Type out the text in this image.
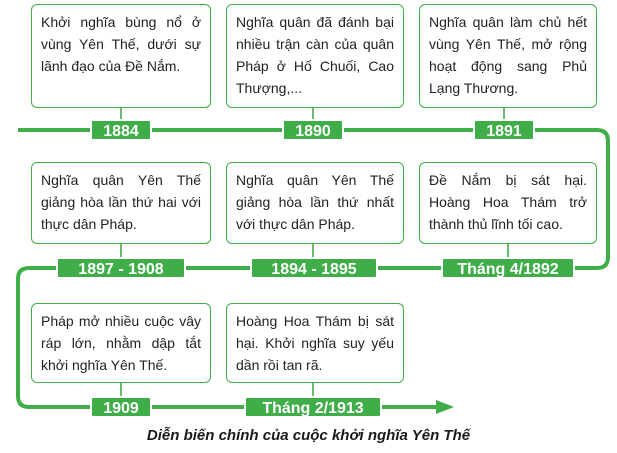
Khởi nghĩa bùng nổ ở vùng Yên Thế, dưới sự lãnh đạo của Đề Nắm.
1884
Nghĩa quân đã đánh bại nhiều trận càn của quân Pháp ở Hố Chuối, Cao Thượng,...
1890
Nghĩa quân làm chủ hết vùng Yên Thế, mở rộng hoạt động sang Phủ Lạng Thương.
1891
Nghĩa quân Yên Thế giảng hòa lần thứ hai với thực dân Pháp.
1897 - 1908
Nghĩa quân Yên Thế giảng hòa lần thứ nhất với thực dân Pháp.
1894 - 1895
Đề Nắm bị sát hại. Hoàng Hoa Thám trở thành thủ lĩnh tối cao.
Tháng 4/1892
Pháp mở nhiều cuộc vây ráp lớn, nhằm dập tắt khởi nghĩa Yên Thế.
1909
Hoàng Hoa Thám bị sát hại. Khởi nghĩa suy yếu dần rồi tan rã.
Tháng 2/1913
Diễn biến chính của cuộc khởi nghĩa Yên Thế
